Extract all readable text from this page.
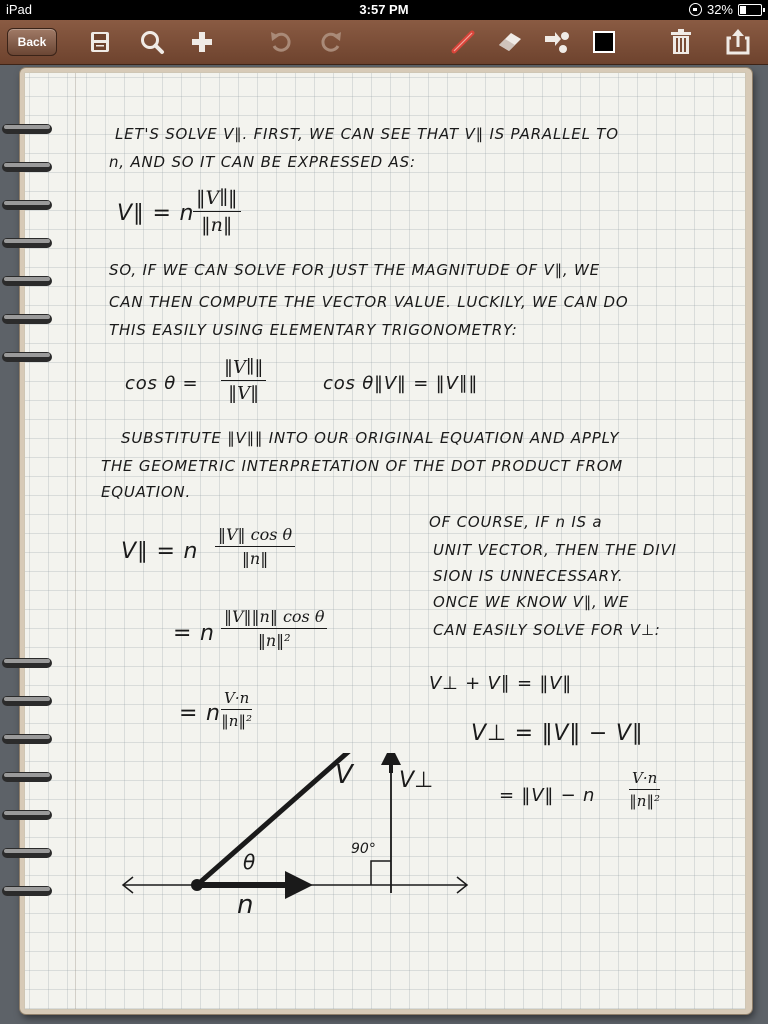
iPad	3:57 PM	32%
Back
LET'S SOLVE V∥. FIRST, WE CAN SEE THAT V∥ IS PARALLEL TO
n, AND SO IT CAN BE EXPRESSED AS:
V∥ = n
$\frac{‖V\parallel‖}{‖n‖}$
SO, IF WE CAN SOLVE FOR JUST THE MAGNITUDE OF V∥, WE
CAN THEN COMPUTE THE VECTOR VALUE. LUCKILY, WE CAN DO
THIS EASILY USING ELEMENTARY TRIGONOMETRY:
$\cos \theta = \frac{‖V\parallel‖}{‖V‖}$	cos θ‖V‖ = ‖V∥‖
SUBSTITUTE ‖V∥‖ INTO OUR ORIGINAL EQUATION AND APPLY
THE GEOMETRIC INTERPRETATION OF THE DOT PRODUCT FROM
EQUATION.
V∥ = n $\frac{\text{‖V‖ cos θ}}{‖n‖}$
= n $\frac{\text{‖V‖‖n‖ cos θ}}{\text{‖n‖²}}$
= n $\frac{V\cdot n}{\text{‖n‖²}}$
OF COURSE, IF n IS a
UNIT VECTOR, THEN THE DIVI
SION IS UNNECESSARY.
ONCE WE KNOW V∥, WE
CAN EASILY SOLVE FOR V⊥:
V⊥ + V∥ = ‖V‖
V⊥ = ‖V‖ − V∥
= ‖V‖ − n $\frac{V\cdot n}{\text{‖n‖²}}$
V V⊥
n
θ
90°
